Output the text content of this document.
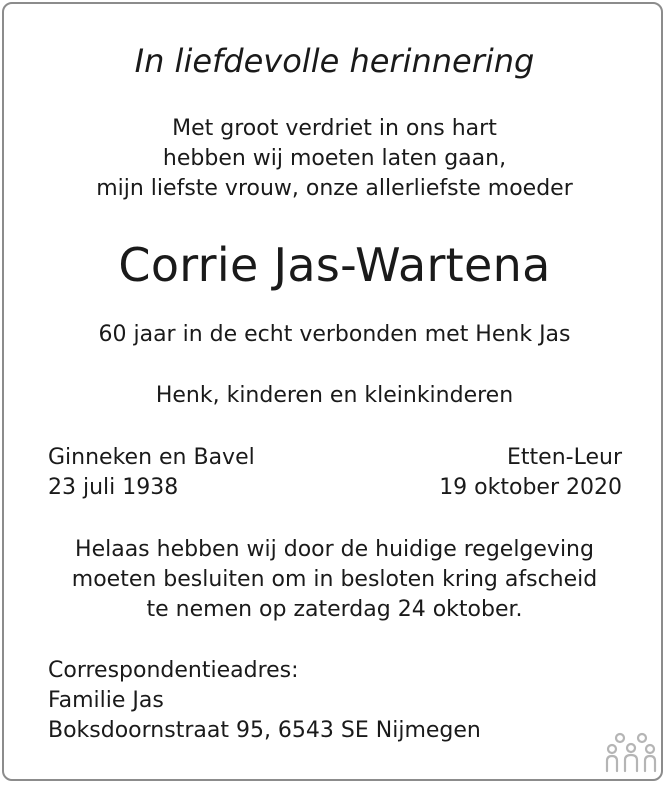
In liefdevolle herinnering
Met groot verdriet in ons hart
hebben wij moeten laten gaan,
mijn liefste vrouw, onze allerliefste moeder
Corrie Jas-Wartena
60 jaar in de echt verbonden met Henk Jas
Henk, kinderen en kleinkinderen
Ginneken en Bavel
23 juli 1938
Etten-Leur
19 oktober 2020
Helaas hebben wij door de huidige regelgeving
moeten besluiten om in besloten kring afscheid
te nemen op zaterdag 24 oktober.
Correspondentieadres:
Familie Jas
Boksdoornstraat 95, 6543 SE Nijmegen
